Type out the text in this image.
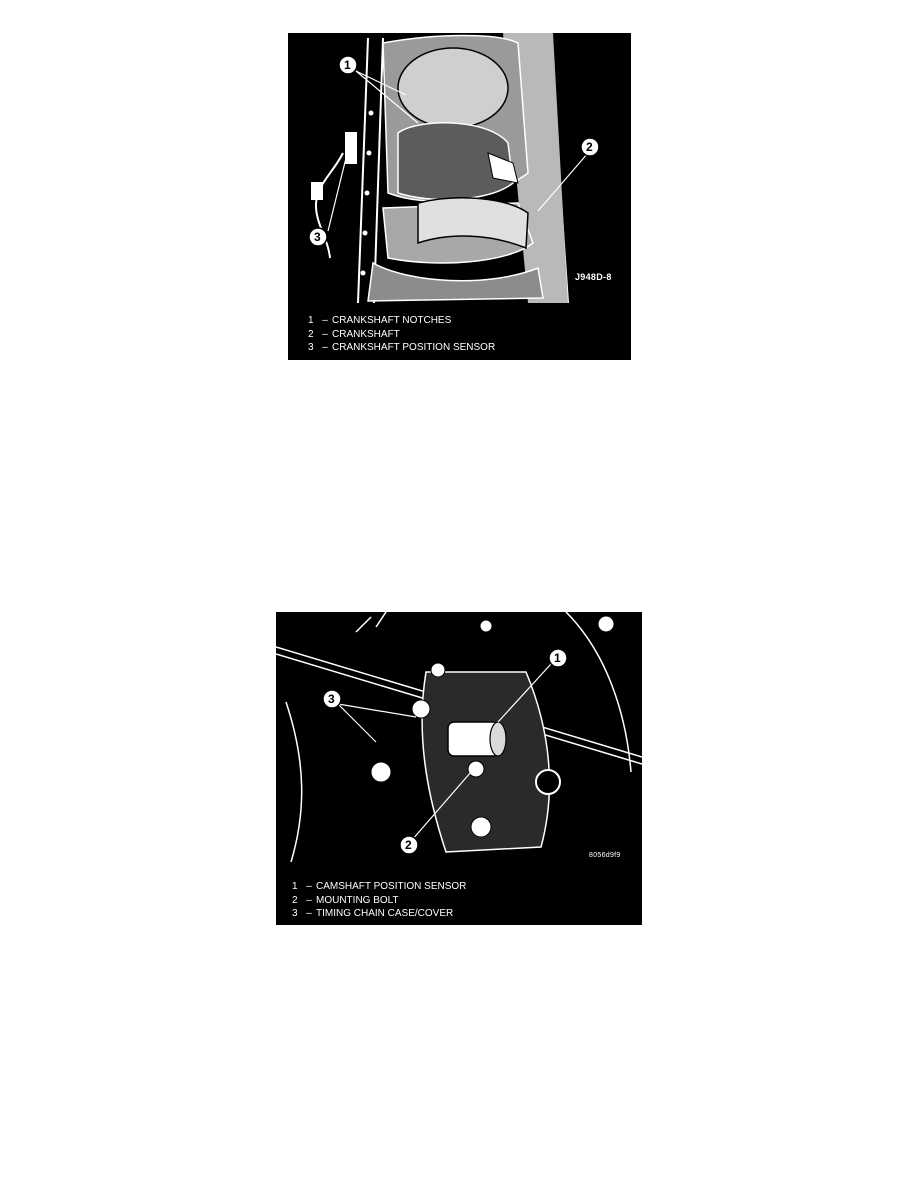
1
2
3
J948D-8
1 – CRANKSHAFT NOTCHES
2 – CRANKSHAFT
3 – CRANKSHAFT POSITION SENSOR
1
2
3
8056d9f9
1 – CAMSHAFT POSITION SENSOR
2 – MOUNTING BOLT
3 – TIMING CHAIN CASE/COVER
